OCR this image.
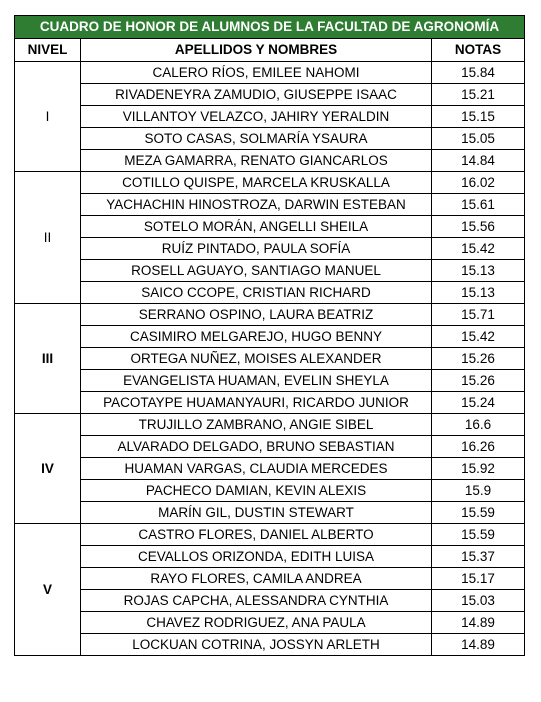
CUADRO DE HONOR DE ALUMNOS DE LA FACULTAD DE AGRONOMÍA		
NIVEL	APELLIDOS Y NOMBRES	NOTAS
I	CALERO RÍOS, EMILEE NAHOMI	15.84
	RIVADENEYRA ZAMUDIO, GIUSEPPE ISAAC	15.21
	VILLANTOY VELAZCO, JAHIRY YERALDIN	15.15
	SOTO CASAS, SOLMARÍA YSAURA	15.05
	MEZA GAMARRA, RENATO GIANCARLOS	14.84
II	COTILLO QUISPE, MARCELA KRUSKALLA	16.02
	YACHACHIN HINOSTROZA, DARWIN ESTEBAN	15.61
	SOTELO MORÁN, ANGELLI SHEILA	15.56
	RUÍZ PINTADO, PAULA SOFÍA	15.42
	ROSELL AGUAYO, SANTIAGO MANUEL	15.13
	SAICO CCOPE, CRISTIAN RICHARD	15.13
III	SERRANO OSPINO, LAURA BEATRIZ	15.71
	CASIMIRO MELGAREJO, HUGO BENNY	15.42
	ORTEGA NUÑEZ, MOISES ALEXANDER	15.26
	EVANGELISTA HUAMAN, EVELIN SHEYLA	15.26
	PACOTAYPE HUAMANYAURI, RICARDO JUNIOR	15.24
IV	TRUJILLO ZAMBRANO, ANGIE SIBEL	16.6
	ALVARADO DELGADO, BRUNO SEBASTIAN	16.26
	HUAMAN VARGAS, CLAUDIA MERCEDES	15.92
	PACHECO DAMIAN, KEVIN ALEXIS	15.9
	MARÍN GIL, DUSTIN STEWART	15.59
V	CASTRO FLORES, DANIEL ALBERTO	15.59
	CEVALLOS ORIZONDA, EDITH LUISA	15.37
	RAYO FLORES, CAMILA ANDREA	15.17
	ROJAS CAPCHA, ALESSANDRA CYNTHIA	15.03
	CHAVEZ RODRIGUEZ, ANA PAULA	14.89
	LOCKUAN COTRINA, JOSSYN ARLETH	14.89
